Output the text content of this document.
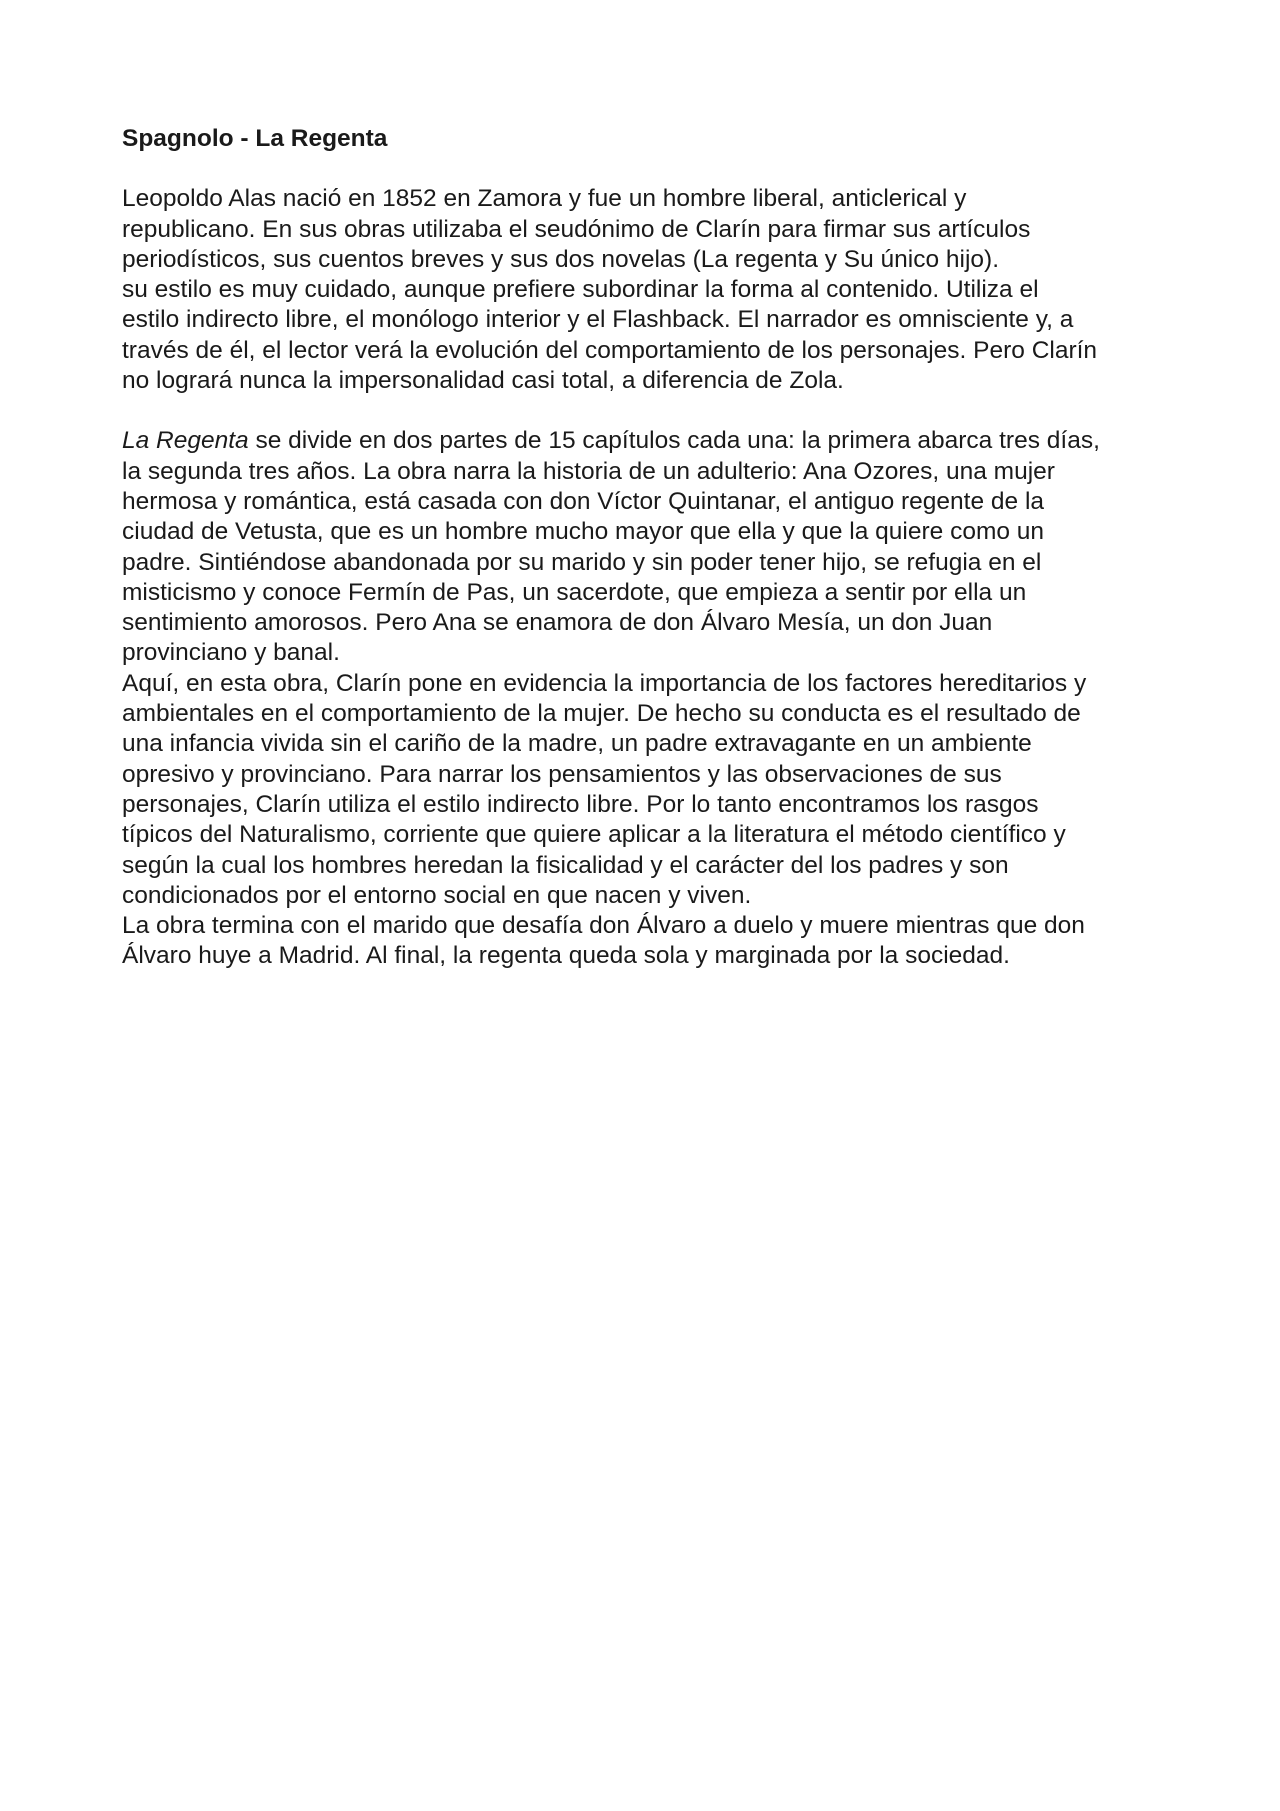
Spagnolo - La Regenta
Leopoldo Alas nació en 1852 en Zamora y fue un hombre liberal, anticlerical y
republicano. En sus obras utilizaba el seudónimo de Clarín para firmar sus artículos
periodísticos, sus cuentos breves y sus dos novelas (La regenta y Su único hijo).
su estilo es muy cuidado, aunque prefiere subordinar la forma al contenido. Utiliza el
estilo indirecto libre, el monólogo interior y el Flashback. El narrador es omnisciente y, a
través de él, el lector verá la evolución del comportamiento de los personajes. Pero Clarín
no logrará nunca la impersonalidad casi total, a diferencia de Zola.
La Regenta se divide en dos partes de 15 capítulos cada una: la primera abarca tres días,
la segunda tres años. La obra narra la historia de un adulterio: Ana Ozores, una mujer
hermosa y romántica, está casada con don Víctor Quintanar, el antiguo regente de la
ciudad de Vetusta, que es un hombre mucho mayor que ella y que la quiere como un
padre. Sintiéndose abandonada por su marido y sin poder tener hijo, se refugia en el
misticismo y conoce Fermín de Pas, un sacerdote, que empieza a sentir por ella un
sentimiento amorosos. Pero Ana se enamora de don Álvaro Mesía, un don Juan
provinciano y banal.
Aquí, en esta obra, Clarín pone en evidencia la importancia de los factores hereditarios y
ambientales en el comportamiento de la mujer. De hecho su conducta es el resultado de
una infancia vivida sin el cariño de la madre, un padre extravagante en un ambiente
opresivo y provinciano. Para narrar los pensamientos y las observaciones de sus
personajes, Clarín utiliza el estilo indirecto libre. Por lo tanto encontramos los rasgos
típicos del Naturalismo, corriente que quiere aplicar a la literatura el método científico y
según la cual los hombres heredan la fisicalidad y el carácter del los padres y son
condicionados por el entorno social en que nacen y viven.
La obra termina con el marido que desafía don Álvaro a duelo y muere mientras que don
Álvaro huye a Madrid. Al final, la regenta queda sola y marginada por la sociedad.
